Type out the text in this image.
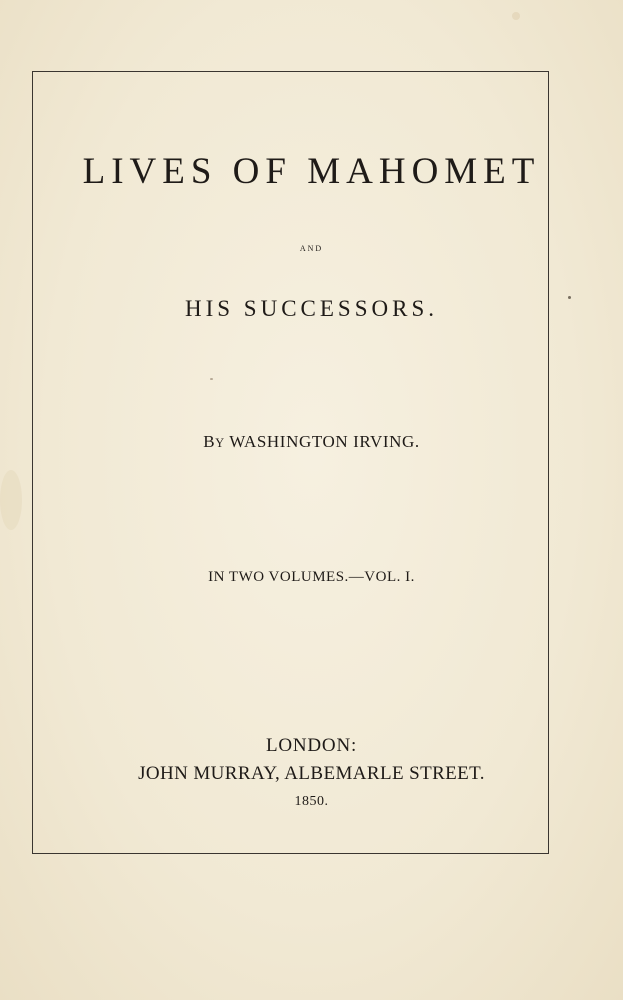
LIVES OF MAHOMET
AND
HIS SUCCESSORS.
BY WASHINGTON IRVING.
IN TWO VOLUMES.—VOL. I.
LONDON:
JOHN MURRAY, ALBEMARLE STREET.
1850.
